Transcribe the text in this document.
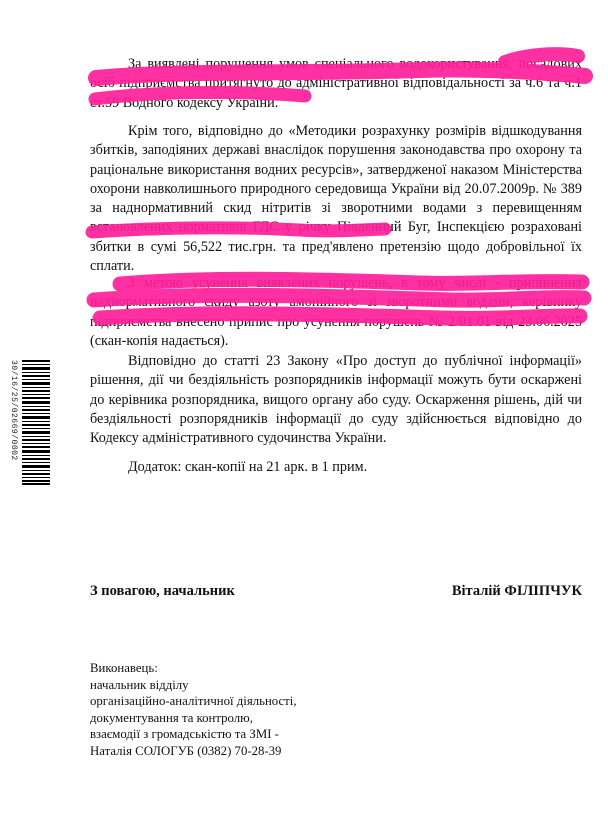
За виявлені порушення умов спеціального водокористування, посадових осіб підприємства притягнуто до адміністративної відповідальності за ч.6 та ч.1 ст.59 Водного кодексу України.

Крім того, відповідно до «Методики розрахунку розмірів відшкодування збитків, заподіяних державі внаслідок порушення законодавства про охорону та раціональне використання водних ресурсів», затвердженої наказом Міністерства охорони навколишнього природного середовища України від 20.07.2009р. № 389 за наднормативний скид нітритів зі зворотними водами з перевищенням встановлених нормативів ГДС у річку Південний Буг, Інспекцією розраховані збитки в сумі 56,522 тис.грн. та пред'явлено претензію щодо добровільної їх сплати.

З метою усунення виявлених порушень, в тому числі - припинення наднормативного скиду азоту амонійного зі зворотними водами, керівнику підприємства внесено припис про усунення порушень № 2/01.01 від 23.06.2025 (скан-копія надається).

Відповідно до статті 23 Закону «Про доступ до публічної інформації» рішення, дії чи бездіяльність розпорядників інформації можуть бути оскаржені до керівника розпорядника, вищого органу або суду. Оскарження рішень, дій чи бездіяльності розпорядників інформації до суду здійснюється відповідно до Кодексу адміністративного судочинства України.

Додаток: скан-копії на 21 арк. в 1 прим.

З повагою, начальник	Віталій ФІЛІПЧУК
Виконавець:
начальник відділу
організаційно-аналітичної діяльності,
документування та контролю,
взаємодії з громадськістю та ЗМІ -
Наталія СОЛОГУБ (0382) 70-28-39
30/16/25/02669/0002
